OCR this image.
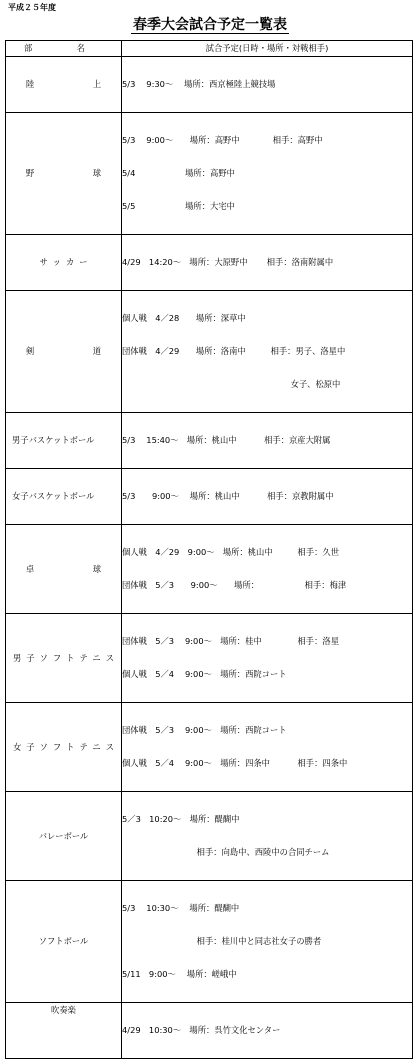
平成２５年度
春季大会試合予定一覧表
部　名	試合予定(日時・場所・対戦相手)
陸　　上	5/3　 9:30～　 場所：西京極陸上競技場

野　　球	5/3　 9:00～　　場所：高野中　　　　相手：高野中

5/4　　　　　　場所：高野中

5/5　　　　　　場所：大宅中

サッカー	4/29　14:20～　場所：大原野中　　 相手：洛南附属中

剣　　道	個人戦　4／28　　場所：深草中

団体戦　4／29　　場所：洛南中　　　相手：男子、洛星中

　　　　　　　　　　　　　　　　　　　　 女子、松原中

男子バスケットボール	5/3　 15:40～　場所：桃山中　　　 相手：京産大附属

女子バスケットボール	5/3　　9:00～　 場所：桃山中　　　 相手：京教附属中

卓　　球	個人戦　4／29　9:00～　場所：桃山中　　　相手：久世

団体戦　5／3　　9:00～　　場所：　　　　　　相手：梅津

男子ソフトテニス	団体戦　5／3　 9:00～　場所：桂中　　　　 相手：洛星

個人戦　5／4　 9:00～　場所：西院コート

女子ソフトテニス	団体戦　5／3　 9:00～　場所：西院コート

個人戦　5／4　 9:00～　場所：四条中　　　 相手：四条中

バレーボール	5／3　10:20～　場所：醍醐中

　　　　　　　　　相手：向島中、西陵中の合同チーム

ソフトボール	5/3　 10:30～　 場所：醍醐中

　　　　　　　　　相手：桂川中と同志社女子の勝者

5/11　9:00～　 場所：嵯峨中

吹奏楽	4/29　10:30～　場所：呉竹文化センター
